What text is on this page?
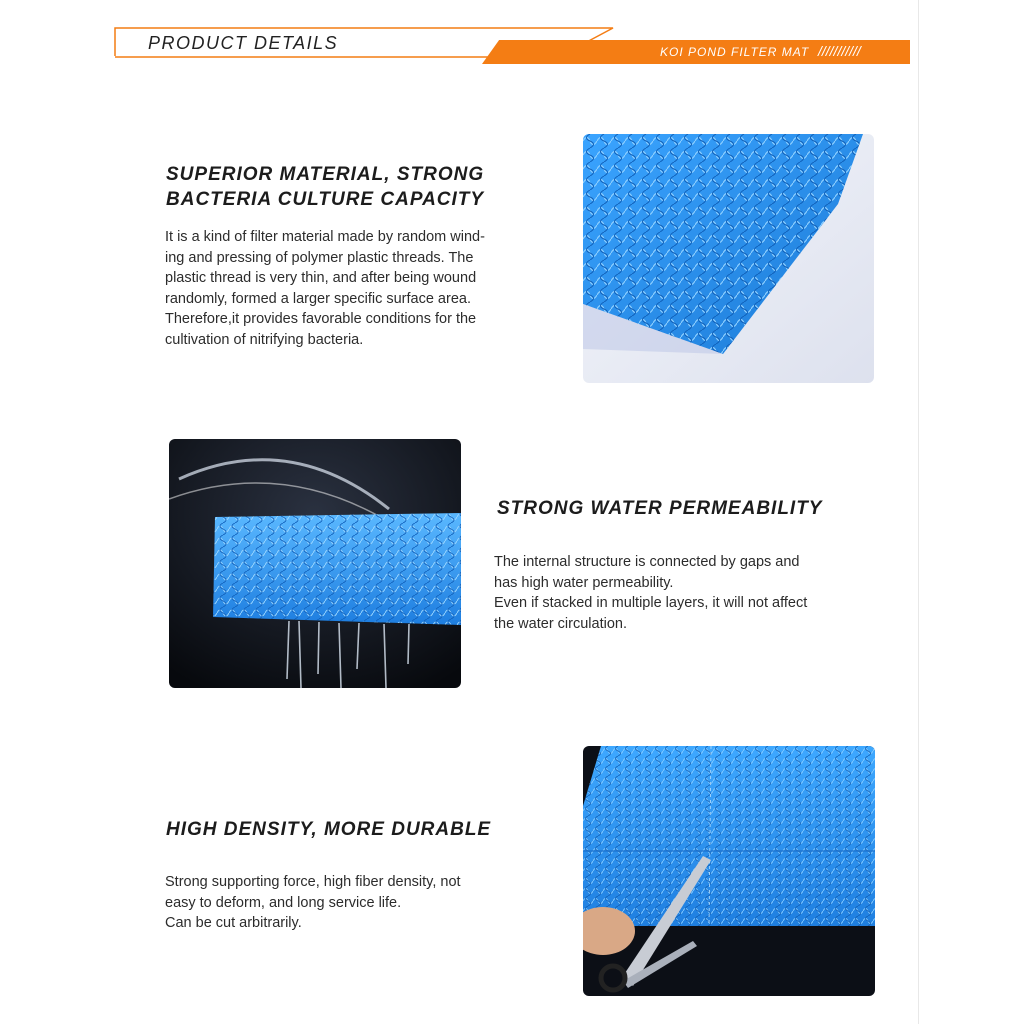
PRODUCT DETAILS	KOI POND FILTER MAT ///////////
SUPERIOR MATERIAL, STRONG
BACTERIA CULTURE CAPACITY

It is a kind of filter material made by random wind-

ing and pressing of polymer plastic threads. The

plastic thread is very thin, and after being wound

randomly, formed a larger specific surface area.

Therefore,it provides favorable conditions for the

cultivation of nitrifying bacteria.

STRONG WATER PERMEABILITY

The internal structure is connected by gaps and

has high water permeability.

Even if stacked in multiple layers, it will not affect

the water circulation.

HIGH DENSITY, MORE DURABLE

Strong supporting force, high fiber density, not

easy to deform, and long service life.

Can be cut arbitrarily.
